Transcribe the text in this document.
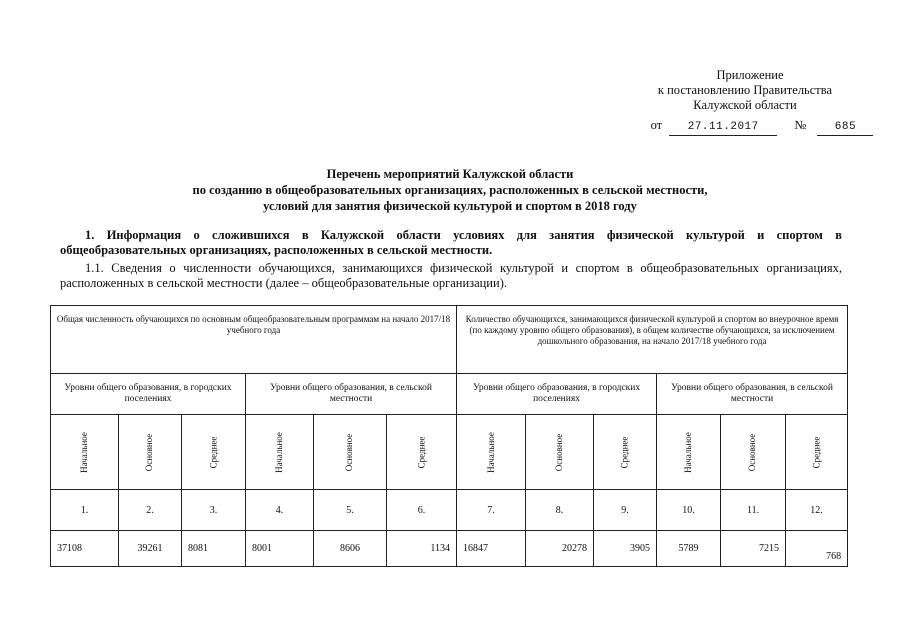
Приложение
к постановлению Правительства
Калужской области
от 27.11.2017	№	685
Перечень мероприятий Калужской области
по созданию в общеобразовательных организациях, расположенных в сельской местности,
условий для занятия физической культурой и спортом в 2018 году
1. Информация о сложившихся в Калужской области условиях для занятия физической культурой и спортом в общеобразовательных организациях, расположенных в сельской местности.
1.1. Сведения о численности обучающихся, занимающихся физической культурой и спортом в общеобразовательных организациях, расположенных в сельской местности (далее – общеобразовательные организации).
Общая численность обучающихся по основным общеобразовательным программам на начало 2017/18 учебного года						Количество обучающихся, занимающихся физической культурой и спортом во внеурочное время (по каждому уровню общего образования), в общем количестве обучающихся, за исключением дошкольного образования, на начало 2017/18 учебного года					
Уровни общего образования, в городских поселениях			Уровни общего образования, в сельской местности			Уровни общего образования, в городских поселениях			Уровни общего образования, в сельской местности		
Начальное	Основное	Среднее	Начальное	Основное	Среднее	Начальное	Основное	Среднее	Начальное	Основное	Среднее
1.	2.	3.	4.	5.	6.	7.	8.	9.	10.	11.	12.
37108	39261	8081	8001	8606	1134	16847	20278	3905	5789	7215	768
